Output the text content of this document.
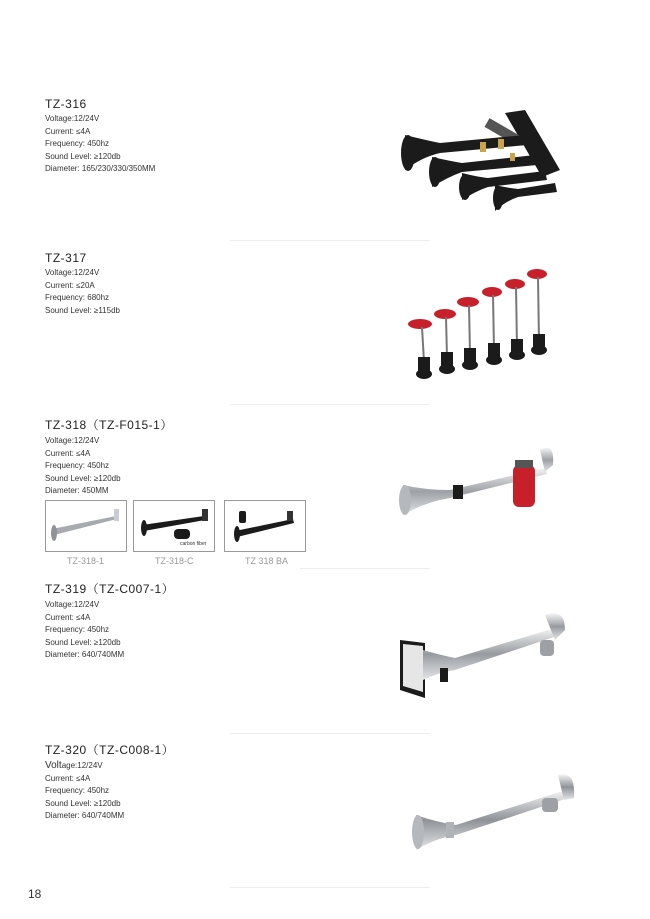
TZ-316
Voltage:12/24V
Current: ≤4A
Frequency: 450hz
Sound Level: ≥120db
Diameter: 165/230/330/350MM
TZ-317
Voltage:12/24V
Current: ≤20A
Frequency: 680hz
Sound Level: ≥115db
TZ-318（TZ-F015-1）
Voltage:12/24V
Current: ≤4A
Frequency: 450hz
Sound Level: ≥120db
Diameter: 450MM
carbon fiber
TZ-318-1	TZ-318-C	TZ 318 BA
TZ-319（TZ-C007-1）
Voltage:12/24V
Current: ≤4A
Frequency: 450hz
Sound Level: ≥120db
Diameter: 640/740MM
TZ-320（TZ-C008-1）
Voltage:12/24V
Current: ≤4A
Frequency: 450hz
Sound Level: ≥120db
Diameter: 640/740MM
18
